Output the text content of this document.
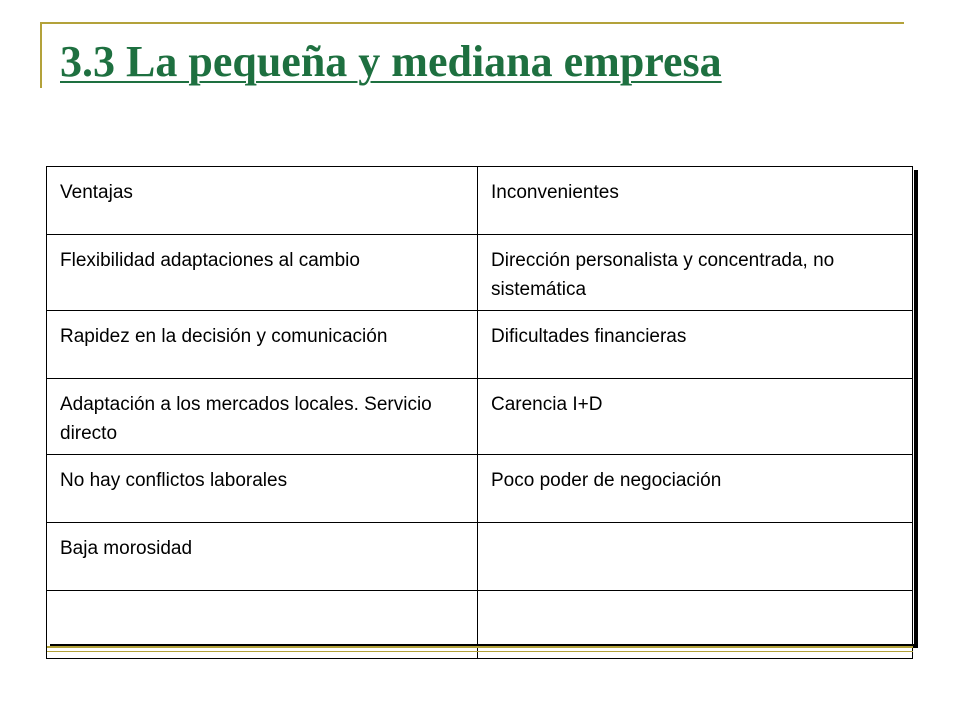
3.3 La pequeña y mediana empresa
Ventajas	Inconvenientes
Flexibilidad adaptaciones al cambio	Dirección personalista y concentrada, no sistemática
Rapidez en la decisión y comunicación	Dificultades financieras
Adaptación a los mercados locales. Servicio directo	Carencia I+D
No hay conflictos laborales	Poco poder de negociación
Baja morosidad	
